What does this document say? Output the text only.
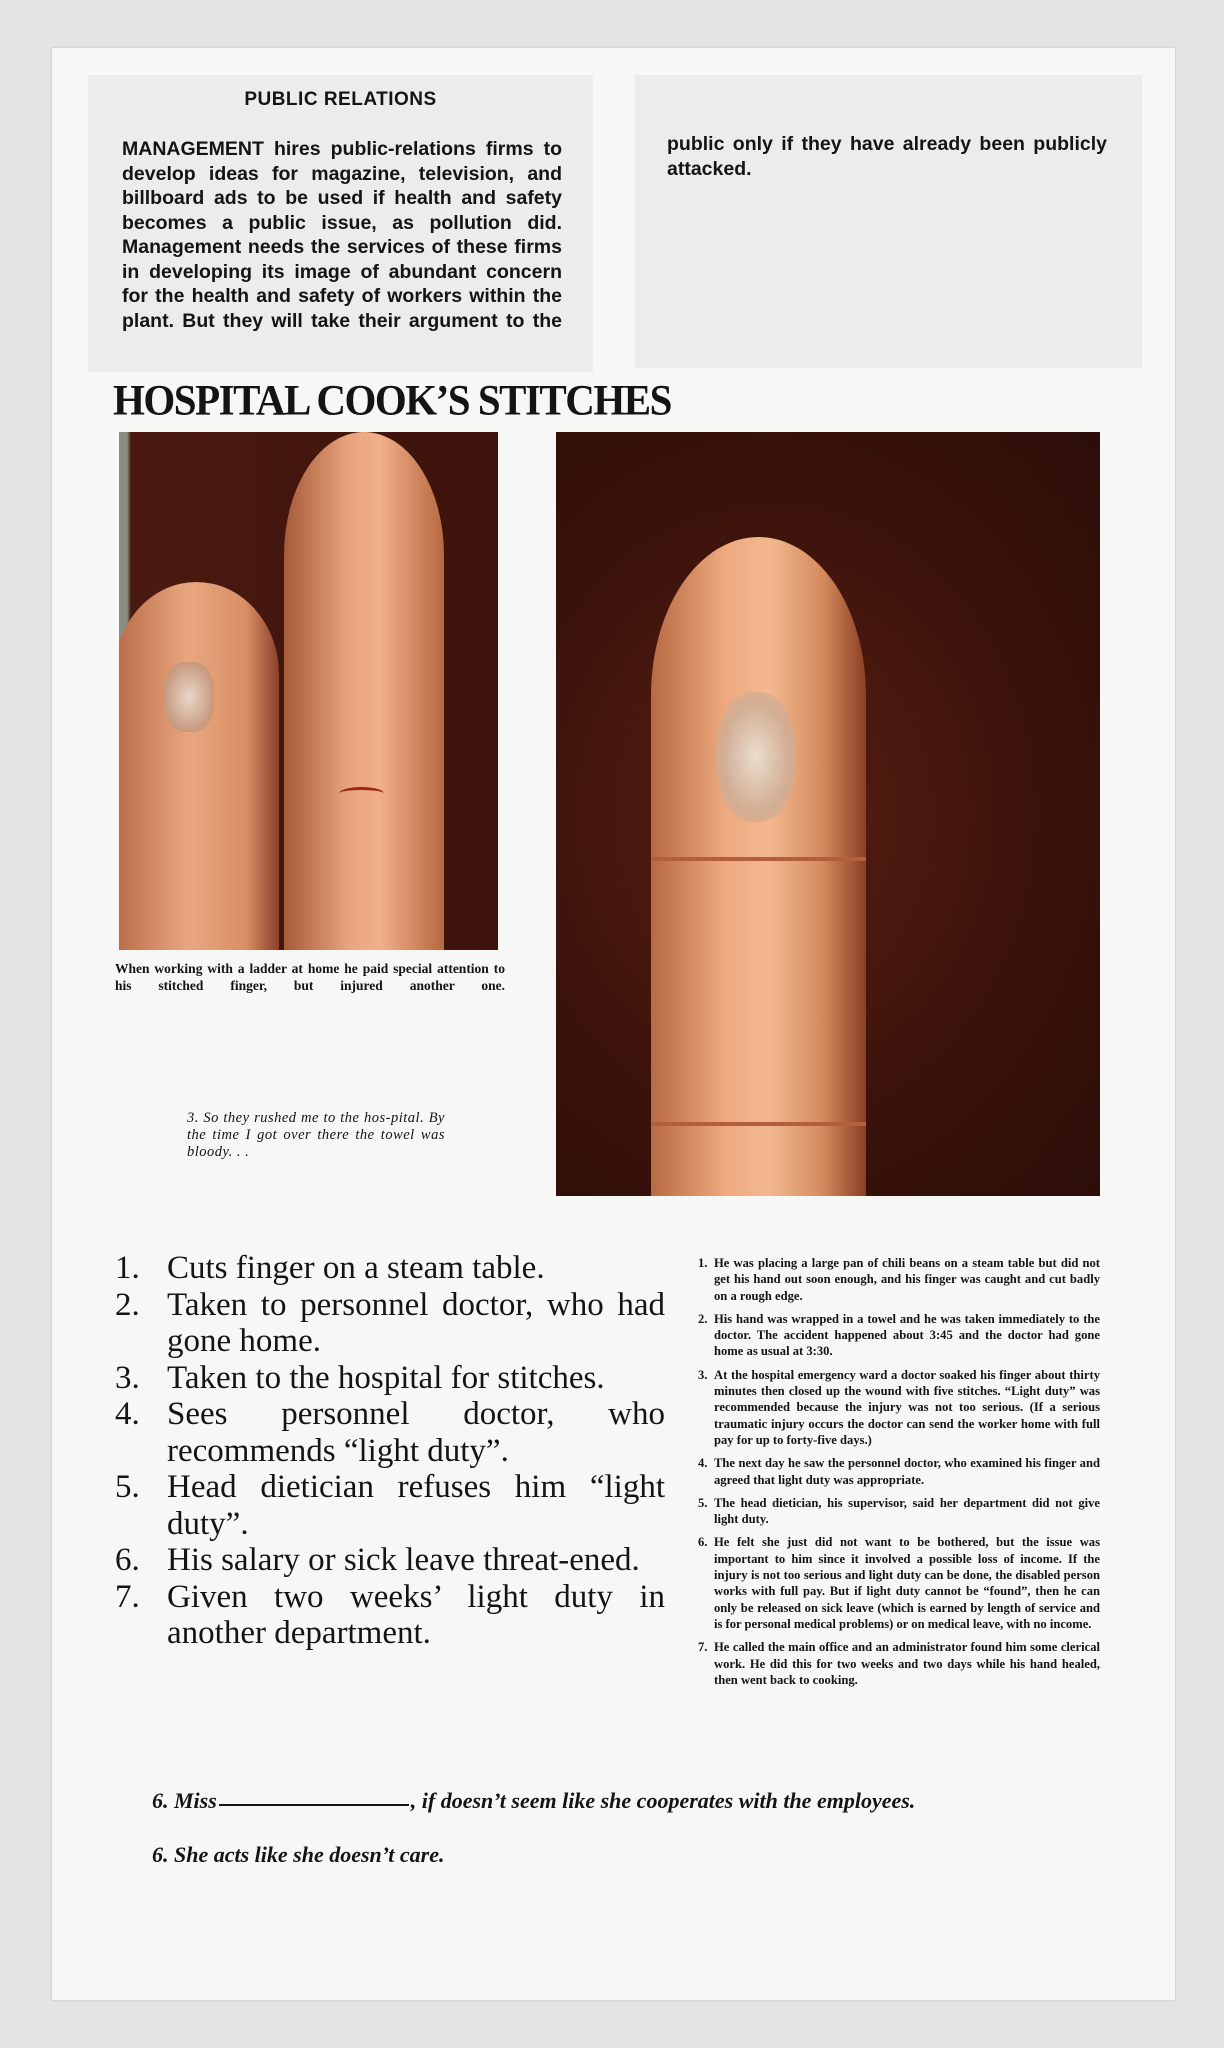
PUBLIC RELATIONS
MANAGEMENT hires public-relations firms to develop ideas for magazine, television, and billboard ads to be used if health and safety becomes a public issue, as pollution did. Management needs the services of these firms in developing its image of abundant concern for the health and safety of workers within the plant. But they will take their argument to the
public only if they have already been publicly attacked.
HOSPITAL COOK’S STITCHES
When working with a ladder at home he paid special attention to his stitched finger, but injured another one.
3. So they rushed me to the hos-pital. By the time I got over there the towel was bloody. . .
1. Cuts finger on a steam table.
2. Taken to personnel doctor, who had gone home.
3. Taken to the hospital for stitches.
4. Sees personnel doctor, who recommends “light duty”.
5. Head dietician refuses him “light duty”.
6. His salary or sick leave threat-ened.
7. Given two weeks’ light duty in another department.
1. He was placing a large pan of chili beans on a steam table but did not get his hand out soon enough, and his finger was caught and cut badly on a rough edge.
2. His hand was wrapped in a towel and he was taken immediately to the doctor. The accident happened about 3:45 and the doctor had gone home as usual at 3:30.
3. At the hospital emergency ward a doctor soaked his finger about thirty minutes then closed up the wound with five stitches. “Light duty” was recommended because the injury was not too serious. (If a serious traumatic injury occurs the doctor can send the worker home with full pay for up to forty-five days.)
4. The next day he saw the personnel doctor, who examined his finger and agreed that light duty was appropriate.
5. The head dietician, his supervisor, said her department did not give light duty.
6. He felt she just did not want to be bothered, but the issue was important to him since it involved a possible loss of income. If the injury is not too serious and light duty can be done, the disabled person works with full pay. But if light duty cannot be “found”, then he can only be released on sick leave (which is earned by length of service and is for personal medical problems) or on medical leave, with no income.
7. He called the main office and an administrator found him some clerical work. He did this for two weeks and two days while his hand healed, then went back to cooking.
6. Miss	, if doesn’t seem like she cooperates with the employees.
6. She acts like she doesn’t care.
